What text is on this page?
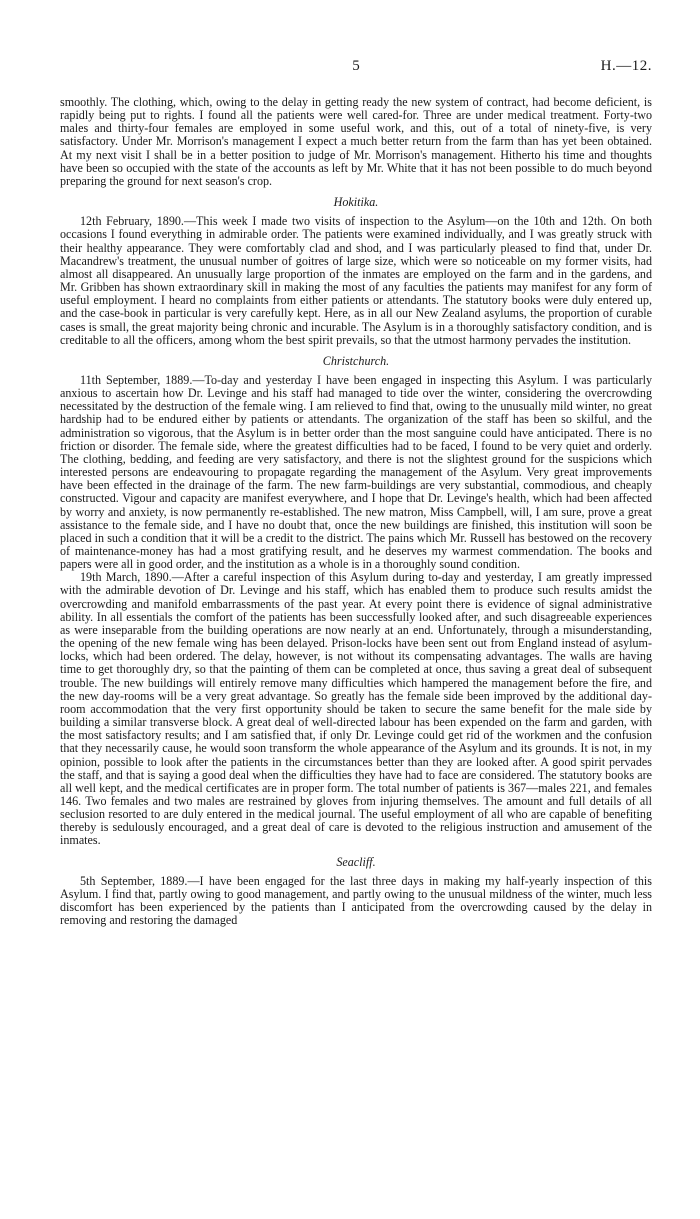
5	H.—12.

smoothly. The clothing, which, owing to the delay in getting ready the new system of contract, had become deficient, is rapidly being put to rights. I found all the patients were well cared-for. Three are under medical treatment. Forty-two males and thirty-four females are employed in some useful work, and this, out of a total of ninety-five, is very satisfactory. Under Mr. Morrison's management I expect a much better return from the farm than has yet been obtained. At my next visit I shall be in a better position to judge of Mr. Morrison's management. Hitherto his time and thoughts have been so occupied with the state of the accounts as left by Mr. White that it has not been possible to do much beyond preparing the ground for next season's crop.

Hokitika.

12th February, 1890.—This week I made two visits of inspection to the Asylum—on the 10th and 12th. On both occasions I found everything in admirable order. The patients were examined individually, and I was greatly struck with their healthy appearance. They were comfortably clad and shod, and I was particularly pleased to find that, under Dr. Macandrew's treatment, the unusual number of goitres of large size, which were so noticeable on my former visits, had almost all disappeared. An unusually large proportion of the inmates are employed on the farm and in the gardens, and Mr. Gribben has shown extraordinary skill in making the most of any faculties the patients may manifest for any form of useful employment. I heard no complaints from either patients or attendants. The statutory books were duly entered up, and the case-book in particular is very carefully kept. Here, as in all our New Zealand asylums, the proportion of curable cases is small, the great majority being chronic and incurable. The Asylum is in a thoroughly satisfactory condition, and is creditable to all the officers, among whom the best spirit prevails, so that the utmost harmony pervades the institution.

Christchurch.

11th September, 1889.—To-day and yesterday I have been engaged in inspecting this Asylum. I was particularly anxious to ascertain how Dr. Levinge and his staff had managed to tide over the winter, considering the overcrowding necessitated by the destruction of the female wing. I am relieved to find that, owing to the unusually mild winter, no great hardship had to be endured either by patients or attendants. The organization of the staff has been so skilful, and the administration so vigorous, that the Asylum is in better order than the most sanguine could have anticipated. There is no friction or disorder. The female side, where the greatest difficulties had to be faced, I found to be very quiet and orderly. The clothing, bedding, and feeding are very satisfactory, and there is not the slightest ground for the suspicions which interested persons are endeavouring to propagate regarding the management of the Asylum. Very great improvements have been effected in the drainage of the farm. The new farm-buildings are very substantial, commodious, and cheaply constructed. Vigour and capacity are manifest everywhere, and I hope that Dr. Levinge's health, which had been affected by worry and anxiety, is now permanently re-established. The new matron, Miss Campbell, will, I am sure, prove a great assistance to the female side, and I have no doubt that, once the new buildings are finished, this institution will soon be placed in such a condition that it will be a credit to the district. The pains which Mr. Russell has bestowed on the recovery of maintenance-money has had a most gratifying result, and he deserves my warmest commendation. The books and papers were all in good order, and the institution as a whole is in a thoroughly sound condition.

19th March, 1890.—After a careful inspection of this Asylum during to-day and yesterday, I am greatly impressed with the admirable devotion of Dr. Levinge and his staff, which has enabled them to produce such results amidst the overcrowding and manifold embarrassments of the past year. At every point there is evidence of signal administrative ability. In all essentials the comfort of the patients has been successfully looked after, and such disagreeable experiences as were inseparable from the building operations are now nearly at an end. Unfortunately, through a misunderstanding, the opening of the new female wing has been delayed. Prison-locks have been sent out from England instead of asylum-locks, which had been ordered. The delay, however, is not without its compensating advantages. The walls are having time to get thoroughly dry, so that the painting of them can be completed at once, thus saving a great deal of subsequent trouble. The new buildings will entirely remove many difficulties which hampered the management before the fire, and the new day-rooms will be a very great advantage. So greatly has the female side been improved by the additional day-room accommodation that the very first opportunity should be taken to secure the same benefit for the male side by building a similar transverse block. A great deal of well-directed labour has been expended on the farm and garden, with the most satisfactory results; and I am satisfied that, if only Dr. Levinge could get rid of the workmen and the confusion that they necessarily cause, he would soon transform the whole appearance of the Asylum and its grounds. It is not, in my opinion, possible to look after the patients in the circumstances better than they are looked after. A good spirit pervades the staff, and that is saying a good deal when the difficulties they have had to face are considered. The statutory books are all well kept, and the medical certificates are in proper form. The total number of patients is 367—males 221, and females 146. Two females and two males are restrained by gloves from injuring themselves. The amount and full details of all seclusion resorted to are duly entered in the medical journal. The useful employment of all who are capable of benefiting thereby is sedulously encouraged, and a great deal of care is devoted to the religious instruction and amusement of the inmates.

Seacliff.

5th September, 1889.—I have been engaged for the last three days in making my half-yearly inspection of this Asylum. I find that, partly owing to good management, and partly owing to the unusual mildness of the winter, much less discomfort has been experienced by the patients than I anticipated from the overcrowding caused by the delay in removing and restoring the damaged
